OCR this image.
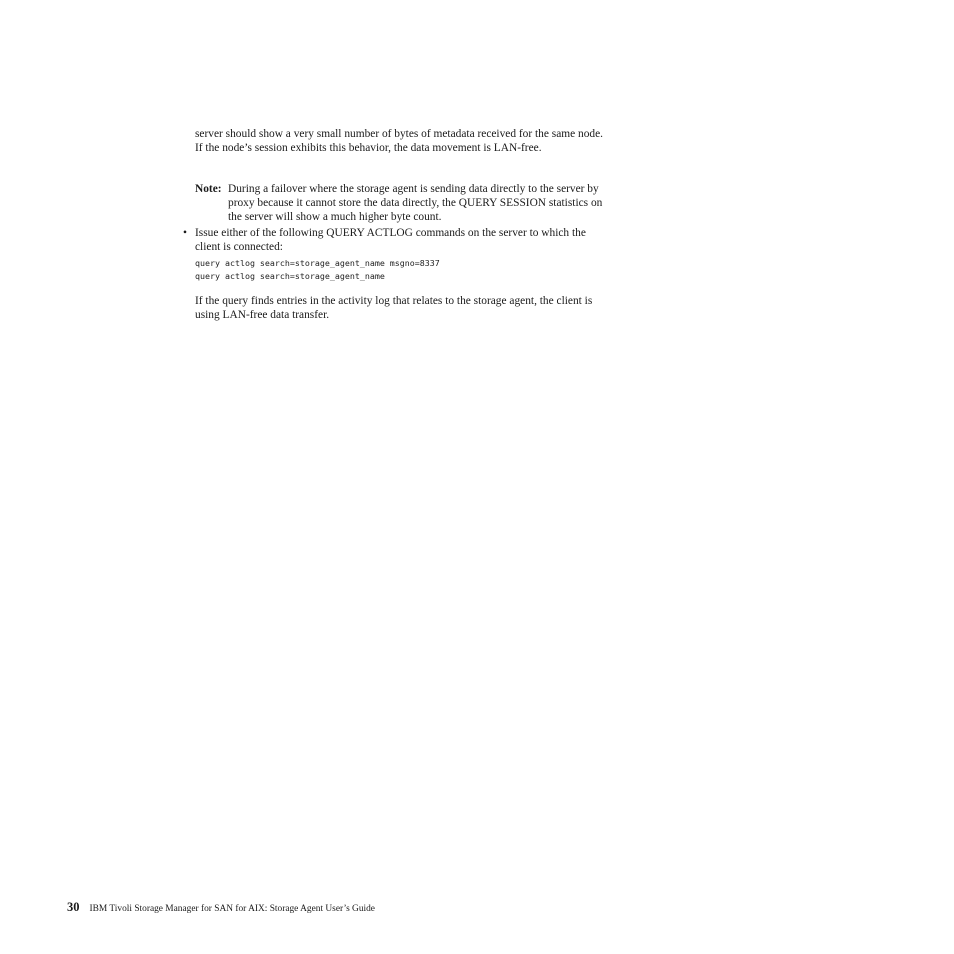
server should show a very small number of bytes of metadata received for the same node. If the node’s session exhibits this behavior, the data movement is LAN-free.
Note: During a failover where the storage agent is sending data directly to the server by proxy because it cannot store the data directly, the QUERY SESSION statistics on the server will show a much higher byte count.
• Issue either of the following QUERY ACTLOG commands on the server to which the client is connected:
query actlog search=storage_agent_name msgno=8337
query actlog search=storage_agent_name
If the query finds entries in the activity log that relates to the storage agent, the client is using LAN-free data transfer.
30 IBM Tivoli Storage Manager for SAN for AIX: Storage Agent User’s Guide
